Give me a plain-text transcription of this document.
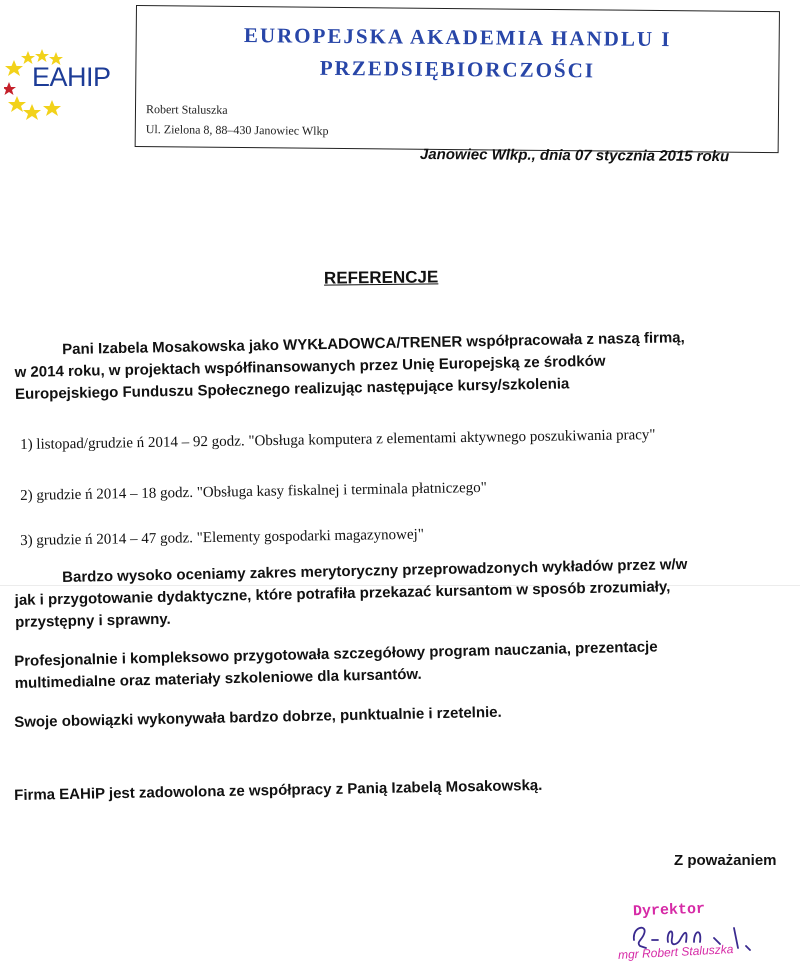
EAHIP
EUROPEJSKA AKADEMIA HANDLU I
PRZEDSIĘBIORCZOŚCI
Robert Staluszka
Ul. Zielona 8, 88–430 Janowiec Wlkp
Janowiec Wlkp., dnia 07 stycznia 2015 roku
REFERENCJE
Pani Izabela Mosakowska jako WYKŁADOWCA/TRENER współpracowała z naszą firmą,
w 2014 roku, w projektach współfinansowanych przez Unię Europejską ze środków
Europejskiego Funduszu Społecznego realizując następujące kursy/szkolenia
1) listopad/grudzie ń 2014 – 92 godz. "Obsługa komputera z elementami aktywnego poszukiwania pracy"
2) grudzie ń 2014 – 18 godz. "Obsługa kasy fiskalnej i terminala płatniczego"
3) grudzie ń 2014 – 47 godz. "Elementy gospodarki magazynowej"
Bardzo wysoko oceniamy zakres merytoryczny przeprowadzonych wykładów przez w/w
jak i przygotowanie dydaktyczne, które potrafiła przekazać kursantom w sposób zrozumiały,
przystępny i sprawny.
Profesjonalnie i kompleksowo przygotowała szczegółowy program nauczania, prezentacje
multimedialne oraz materiały szkoleniowe dla kursantów.
Swoje obowiązki wykonywała bardzo dobrze, punktualnie i rzetelnie.
Firma EAHiP jest zadowolona ze współpracy z Panią Izabelą Mosakowską.
Z poważaniem
Dyrektor
mgr Robert Staluszka
